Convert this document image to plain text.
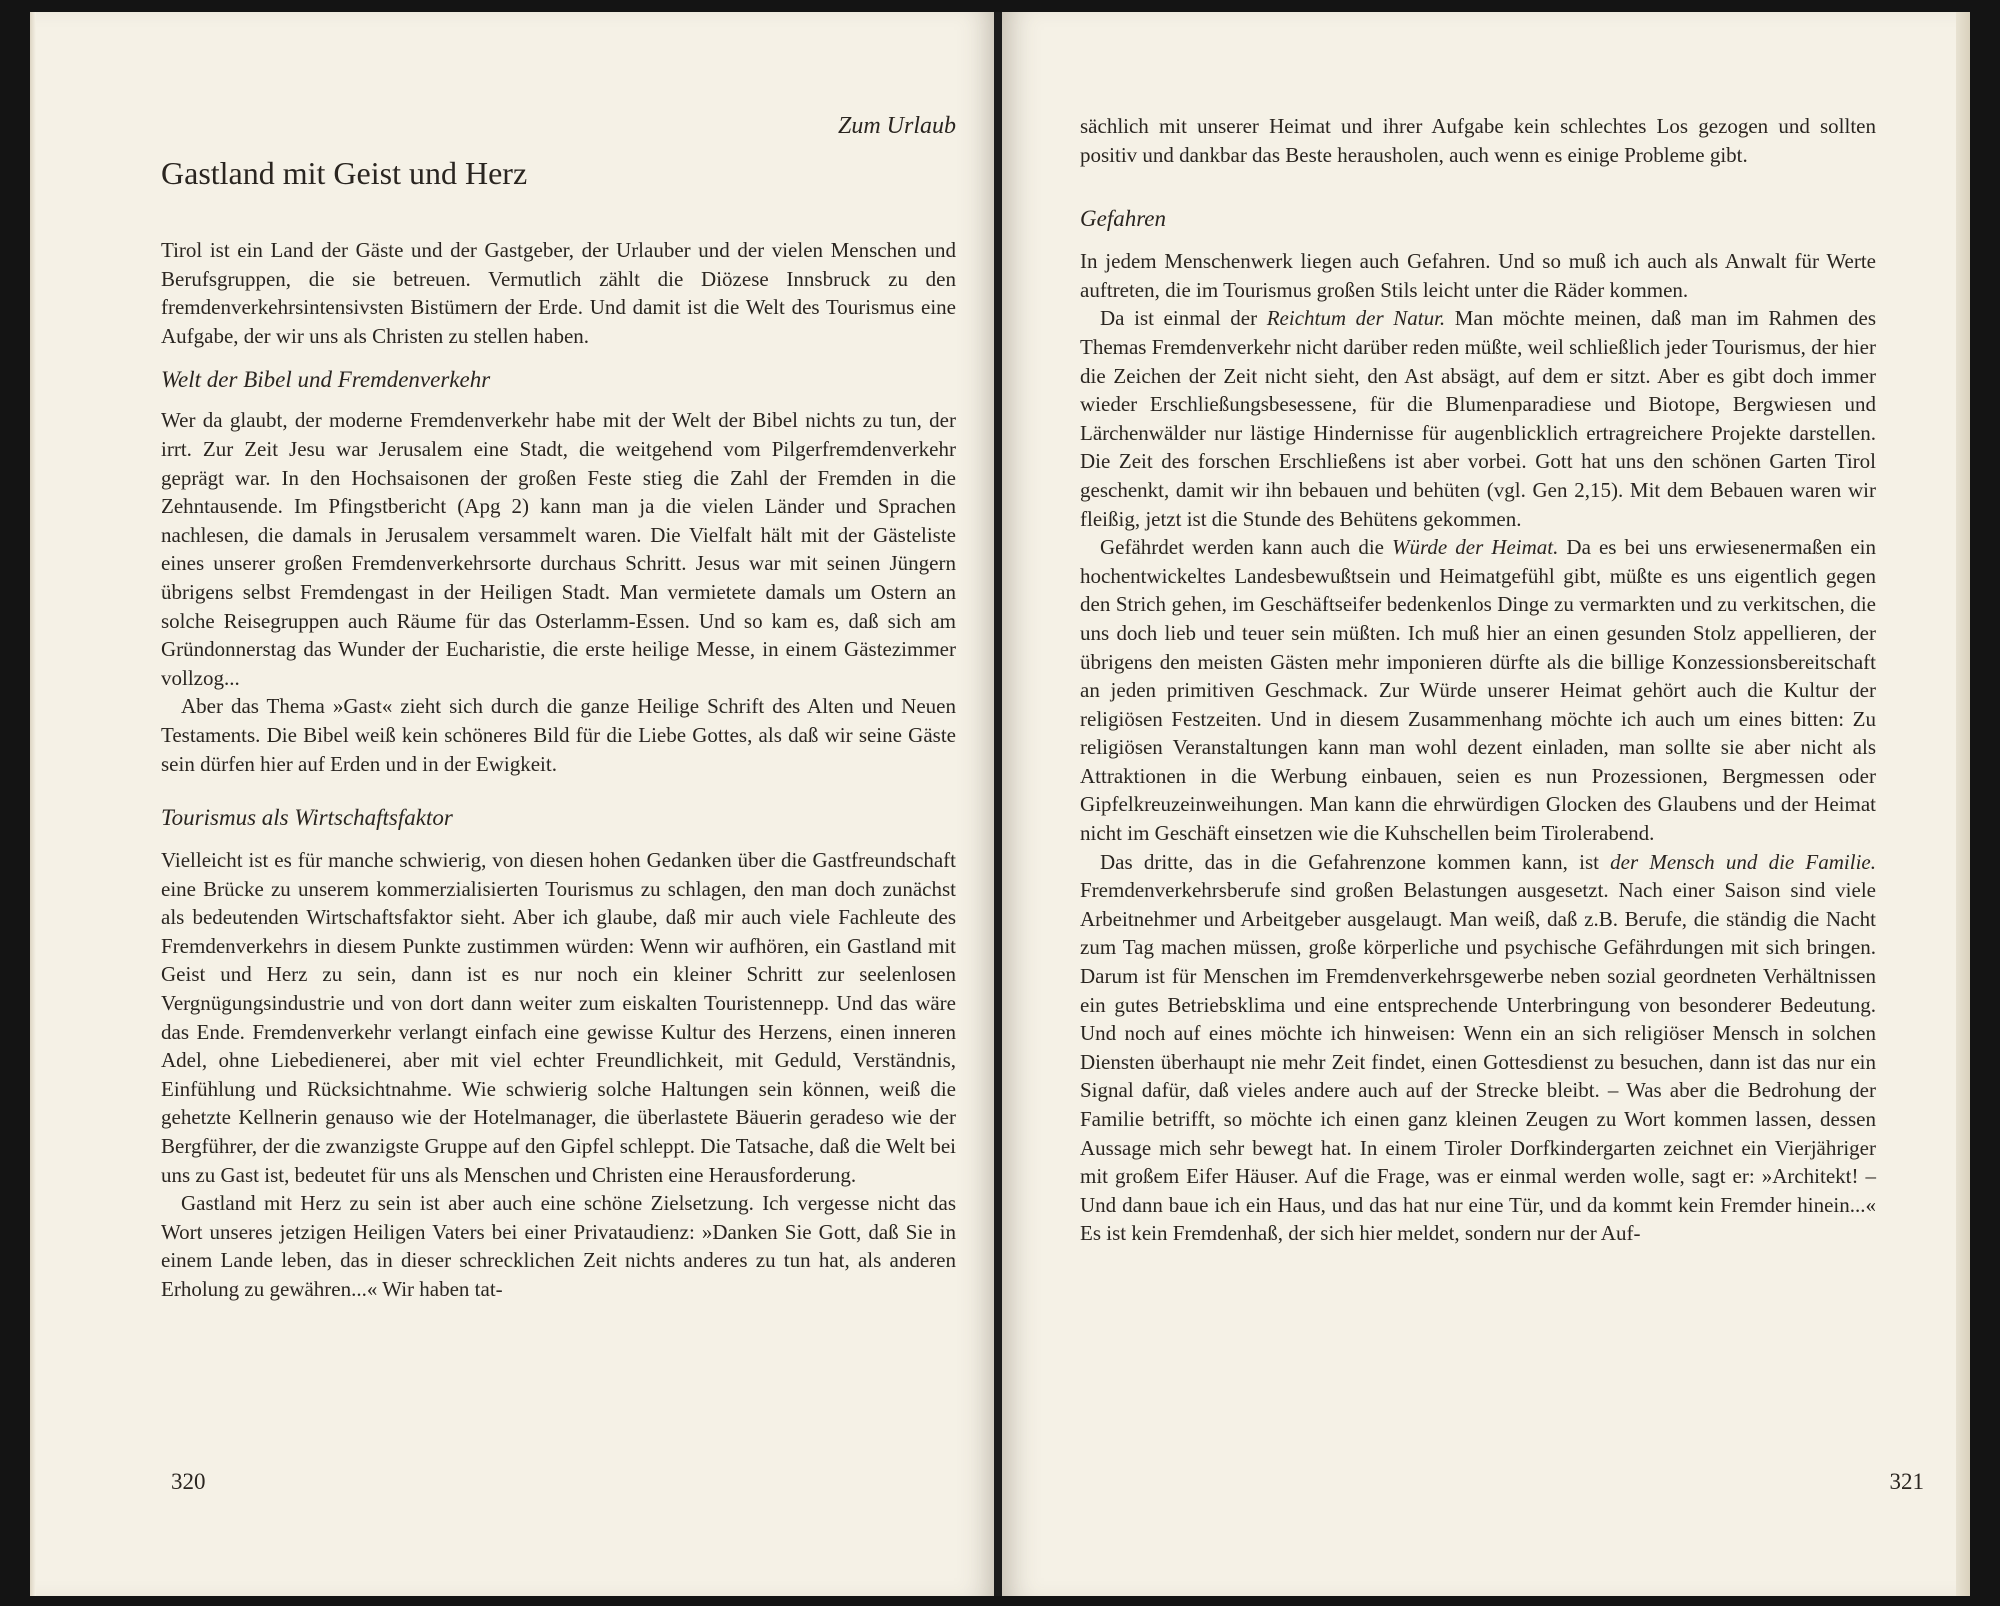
Zum Urlaub
Gastland mit Geist und Herz

Tirol ist ein Land der Gäste und der Gastgeber, der Urlauber und der vielen Menschen und Berufsgruppen, die sie betreuen. Vermutlich zählt die Diözese Innsbruck zu den fremdenverkehrsintensivsten Bistümern der Erde. Und damit ist die Welt des Tourismus eine Aufgabe, der wir uns als Christen zu stellen haben.

Welt der Bibel und Fremdenverkehr

Wer da glaubt, der moderne Fremdenverkehr habe mit der Welt der Bibel nichts zu tun, der irrt. Zur Zeit Jesu war Jerusalem eine Stadt, die weitgehend vom Pilgerfremdenverkehr geprägt war. In den Hochsaisonen der großen Feste stieg die Zahl der Fremden in die Zehntausende. Im Pfingstbericht (Apg 2) kann man ja die vielen Länder und Sprachen nachlesen, die damals in Jerusalem versammelt waren. Die Vielfalt hält mit der Gästeliste eines unserer großen Fremdenverkehrsorte durchaus Schritt. Jesus war mit seinen Jüngern übrigens selbst Fremdengast in der Heiligen Stadt. Man vermietete damals um Ostern an solche Reisegruppen auch Räume für das Osterlamm-Essen. Und so kam es, daß sich am Gründonnerstag das Wunder der Eucharistie, die erste heilige Messe, in einem Gästezimmer vollzog...

Aber das Thema »Gast« zieht sich durch die ganze Heilige Schrift des Alten und Neuen Testaments. Die Bibel weiß kein schöneres Bild für die Liebe Gottes, als daß wir seine Gäste sein dürfen hier auf Erden und in der Ewigkeit.

Tourismus als Wirtschaftsfaktor

Vielleicht ist es für manche schwierig, von diesen hohen Gedanken über die Gastfreundschaft eine Brücke zu unserem kommerzialisierten Tourismus zu schlagen, den man doch zunächst als bedeutenden Wirtschaftsfaktor sieht. Aber ich glaube, daß mir auch viele Fachleute des Fremdenverkehrs in diesem Punkte zustimmen würden: Wenn wir aufhören, ein Gastland mit Geist und Herz zu sein, dann ist es nur noch ein kleiner Schritt zur seelenlosen Vergnügungsindustrie und von dort dann weiter zum eiskalten Touristennepp. Und das wäre das Ende. Fremdenverkehr verlangt einfach eine gewisse Kultur des Herzens, einen inneren Adel, ohne Liebedienerei, aber mit viel echter Freundlichkeit, mit Geduld, Verständnis, Einfühlung und Rücksichtnahme. Wie schwierig solche Haltungen sein können, weiß die gehetzte Kellnerin genauso wie der Hotelmanager, die überlastete Bäuerin geradeso wie der Bergführer, der die zwanzigste Gruppe auf den Gipfel schleppt. Die Tatsache, daß die Welt bei uns zu Gast ist, bedeutet für uns als Menschen und Christen eine Herausforderung.

Gastland mit Herz zu sein ist aber auch eine schöne Zielsetzung. Ich vergesse nicht das Wort unseres jetzigen Heiligen Vaters bei einer Privataudienz: »Danken Sie Gott, daß Sie in einem Lande leben, das in dieser schrecklichen Zeit nichts anderes zu tun hat, als anderen Erholung zu gewähren...« Wir haben tat-

320

sächlich mit unserer Heimat und ihrer Aufgabe kein schlechtes Los gezogen und sollten positiv und dankbar das Beste herausholen, auch wenn es einige Probleme gibt.

Gefahren

In jedem Menschenwerk liegen auch Gefahren. Und so muß ich auch als Anwalt für Werte auftreten, die im Tourismus großen Stils leicht unter die Räder kommen.

Da ist einmal der Reichtum der Natur. Man möchte meinen, daß man im Rahmen des Themas Fremdenverkehr nicht darüber reden müßte, weil schließlich jeder Tourismus, der hier die Zeichen der Zeit nicht sieht, den Ast absägt, auf dem er sitzt. Aber es gibt doch immer wieder Erschließungsbesessene, für die Blumenparadiese und Biotope, Bergwiesen und Lärchenwälder nur lästige Hindernisse für augenblicklich ertragreichere Projekte darstellen. Die Zeit des forschen Erschließens ist aber vorbei. Gott hat uns den schönen Garten Tirol geschenkt, damit wir ihn bebauen und behüten (vgl. Gen 2,15). Mit dem Bebauen waren wir fleißig, jetzt ist die Stunde des Behütens gekommen.

Gefährdet werden kann auch die Würde der Heimat. Da es bei uns erwiesenermaßen ein hochentwickeltes Landesbewußtsein und Heimatgefühl gibt, müßte es uns eigentlich gegen den Strich gehen, im Geschäftseifer bedenkenlos Dinge zu vermarkten und zu verkitschen, die uns doch lieb und teuer sein müßten. Ich muß hier an einen gesunden Stolz appellieren, der übrigens den meisten Gästen mehr imponieren dürfte als die billige Konzessionsbereitschaft an jeden primitiven Geschmack. Zur Würde unserer Heimat gehört auch die Kultur der religiösen Festzeiten. Und in diesem Zusammenhang möchte ich auch um eines bitten: Zu religiösen Veranstaltungen kann man wohl dezent einladen, man sollte sie aber nicht als Attraktionen in die Werbung einbauen, seien es nun Prozessionen, Bergmessen oder Gipfelkreuzeinweihungen. Man kann die ehrwürdigen Glocken des Glaubens und der Heimat nicht im Geschäft einsetzen wie die Kuhschellen beim Tirolerabend.

Das dritte, das in die Gefahrenzone kommen kann, ist der Mensch und die Familie. Fremdenverkehrsberufe sind großen Belastungen ausgesetzt. Nach einer Saison sind viele Arbeitnehmer und Arbeitgeber ausgelaugt. Man weiß, daß z.B. Berufe, die ständig die Nacht zum Tag machen müssen, große körperliche und psychische Gefährdungen mit sich bringen. Darum ist für Menschen im Fremdenverkehrsgewerbe neben sozial geordneten Verhältnissen ein gutes Betriebsklima und eine entsprechende Unterbringung von besonderer Bedeutung. Und noch auf eines möchte ich hinweisen: Wenn ein an sich religiöser Mensch in solchen Diensten überhaupt nie mehr Zeit findet, einen Gottesdienst zu besuchen, dann ist das nur ein Signal dafür, daß vieles andere auch auf der Strecke bleibt. – Was aber die Bedrohung der Familie betrifft, so möchte ich einen ganz kleinen Zeugen zu Wort kommen lassen, dessen Aussage mich sehr bewegt hat. In einem Tiroler Dorfkindergarten zeichnet ein Vierjähriger mit großem Eifer Häuser. Auf die Frage, was er einmal werden wolle, sagt er: »Architekt! – Und dann baue ich ein Haus, und das hat nur eine Tür, und da kommt kein Fremder hinein...« Es ist kein Fremdenhaß, der sich hier meldet, sondern nur der Auf-

321
